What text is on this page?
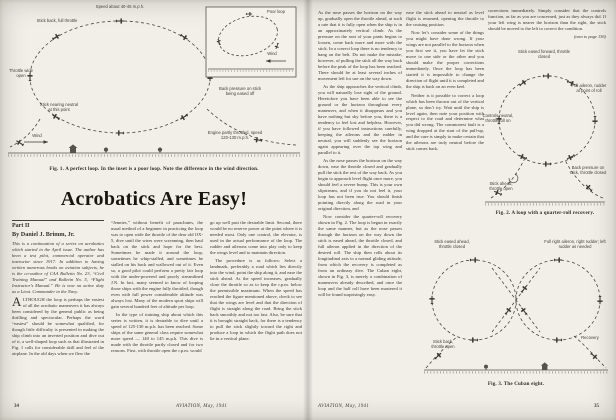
Stick back, full throttle
Speed about 40-45 m.p.h.
Throttle wide open
Back pressure on stick being eased off
Stick nearing neutral at this point
Engine partly throttled, speed 120-130 m.p.h.
Wind
Poor loop
Wind
Fig. 1. A perfect loop. In the inset is a poor loop. Note the difference in the wind direction.
Acrobatics Are Easy!
Part II
By Daniel J. Brimm, Jr.

This is a continuation of a series on acrobatics which started in the April issue. The author has been a test pilot, commercial operator and instructor since 1917. In addition to having written numerous books on aviation subjects, he is the co-author of CAA Bulletin No. 23, “Civil Training Manual” and Bulletin No. 5, “Flight Instructor’s Manual.” He is now on active duty as a Lieut. Commander in the Navy.

ALTHOUGH the loop is perhaps the easiest of all the acrobatic maneuvers it has always been considered by the general public as being thrilling and spectacular. Perhaps the word “easiest” should be somewhat qualified, for though little difficulty is presented in making the ship climb into an inverted position and dive out of it, a well-shaped loop such as that illustrated in Fig. 1 calls for considerable skill and feel of the airplane. In the old days when we flew the

“Jennies,” without benefit of parachutes, the usual method of a beginner in practicing the loop was to open wide the throttle of the dear old OX-5, dive until the wires were screaming, then haul back on the stick and hope for the best. Sometimes he made it around the loop, sometimes he whip-stalled, and sometimes he stalled on his back and wallowed out of it. Even so, a good pilot could perform a pretty fair loop with the under-powered and poorly streamlined J.N. In fact, many seemed to know of looping those ships with the engine fully throttled, though even with full power considerable altitude was always lost. Many of the modern sport ships will gain several hundred feet of altitude per loop.

In the type of training ship about which this series is written, it is desirable to dive until a speed of 125-130 m.p.h. has been reached. Some ships of the same general class require somewhat more speed — 140 to 145 m.p.h. This dive is made with the throttle partly closed and for two reasons. First, with throttle open the r.p.m. would

go up well past the desirable limit. Second, there would be no reserve power at the point where it is needed most. Only one control, the elevator, is used in the actual performance of the loop. The rudder and ailerons come into play only to keep the wings level and to maintain direction.

The procedure is as follows: Select a landmark, preferably a road which lies directly into the wind, point the ship along it, and ease the stick ahead. As the speed increases, gradually close the throttle so as to keep the r.p.m. below the permissible maximum. When the speed has reached the figure mentioned above, check to see that the wings are level and that the direction of flight is straight along the road. Bring the stick back smoothly and not too fast. Also, be sure that it is brought straight back, for there is a tendency to pull the stick slightly toward the right and produce a loop in which the flight path does not lie in a vertical plane.

34	AVIATION, May, 1941

As the nose passes the horizon on the way up, gradually open the throttle ahead, at such a rate that it is fully open when the ship is in an approximately vertical climb. As the pressure on the seat of your pants begins to loosen, come back more and more with the stick. In a correct loop there is no tendency to hang on the belt. Do not make the mistake, however, of pulling the stick all the way back before the peak of the loop has been reached. There should be at least several inches of movement left for use on the way down.

As the ship approaches the vertical climb, you will naturally lose sight of the ground. Heretofore you have been able to see the ground or the horizon throughout every maneuver, and when it disappears and you have nothing but sky before you, there is a tendency to feel lost and helpless. However, if you have followed instructions carefully, keeping the ailerons and the rudder in neutral, you will suddenly see the horizon again appearing over the top wing and parallel to it.

As the nose passes the horizon on the way down, ease the throttle closed and gradually pull the stick the rest of the way back. As you begin to approach level flight once more, you should feel a severe bump. This is your own slipstream, and if you do not feel it, your loop has not been true. You should finish pointing directly along the road in your original direction, and

Now consider the quarter-roll recovery shown in Fig. 2. The loop is begun in exactly the same manner, but as the nose passes through the horizon on the way down the stick is eased ahead, the throttle closed, and full aileron applied in the direction of the desired roll. The ship then rolls about its longitudinal axis to a normal gliding attitude, from which the recovery is completed as from an ordinary dive. The Cuban eight, shown in Fig. 3, is merely a combination of maneuvers already described, and once the loop and the half roll have been mastered it will be found surprisingly easy.

ease the stick ahead to neutral as level flight is resumed, opening the throttle to the cruising position.

Now let’s consider some of the things you might have done wrong. If your wings are not parallel to the horizon when you first see it, you have let the stick move to one side or the other and you should make the proper corrections immediately. Once the loop has been started it is impossible to change the direction of flight until it is completed and the ship is back on an even keel.

Neither is it possible to correct a loop which has been thrown out of the vertical plane, so don’t try. Wait until the ship is level again, then note your position with respect to the road and determine what you did wrong. The commonest fault is a wing dropped at the start of the pull-up, and the cure is simply to make certain that the ailerons are truly neutral before the stick comes back.

corrections immediately. Simply consider that the controls function, as far as you are concerned, just as they always did. If your left wing is nearer the horizon than the right, the stick should be moved to the left to correct the condition.

(turn to page 136)
Stick eased forward, throttle closed
Full aileron, rudder at point of roll
Controls neutral, throttle full on
Back pressure on stick, throttle closed
Stick ahead, throttle open
Fig. 2. A loop with a quarter-roll recovery.
Stick eased ahead, throttle closed
Full right aileron, right rudder; left rudder as needed
Recovery
Stick back, throttle open
Fig. 3. The Cuban eight.
AVIATION, May, 1941	35
